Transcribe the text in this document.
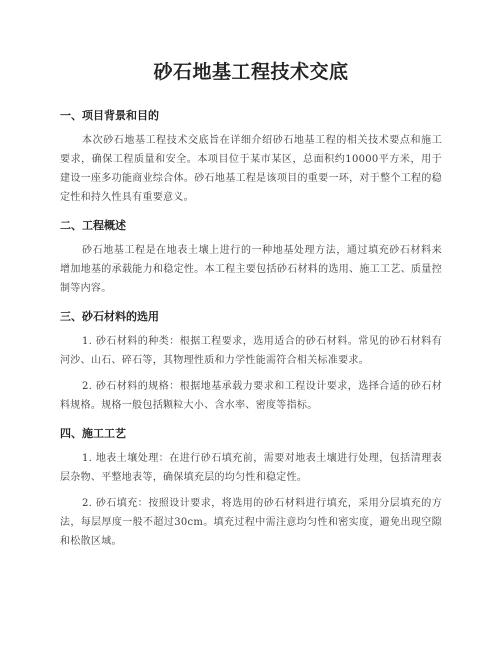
砂石地基工程技术交底
一、项目背景和目的

本次砂石地基工程技术交底旨在详细介绍砂石地基工程的相关技术要点和施工要求，确保工程质量和安全。本项目位于某市某区，总面积约10000平方米，用于建设一座多功能商业综合体。砂石地基工程是该项目的重要一环，对于整个工程的稳定性和持久性具有重要意义。

二、工程概述

砂石地基工程是在地表土壤上进行的一种地基处理方法，通过填充砂石材料来增加地基的承载能力和稳定性。本工程主要包括砂石材料的选用、施工工艺、质量控制等内容。

三、砂石材料的选用

1. 砂石材料的种类：根据工程要求，选用适合的砂石材料。常见的砂石材料有河沙、山石、碎石等，其物理性质和力学性能需符合相关标准要求。

2. 砂石材料的规格：根据地基承载力要求和工程设计要求，选择合适的砂石材料规格。规格一般包括颗粒大小、含水率、密度等指标。

四、施工工艺

1. 地表土壤处理：在进行砂石填充前，需要对地表土壤进行处理，包括清理表层杂物、平整地表等，确保填充层的均匀性和稳定性。

2. 砂石填充：按照设计要求，将选用的砂石材料进行填充，采用分层填充的方法，每层厚度一般不超过30cm。填充过程中需注意均匀性和密实度，避免出现空隙和松散区域。
